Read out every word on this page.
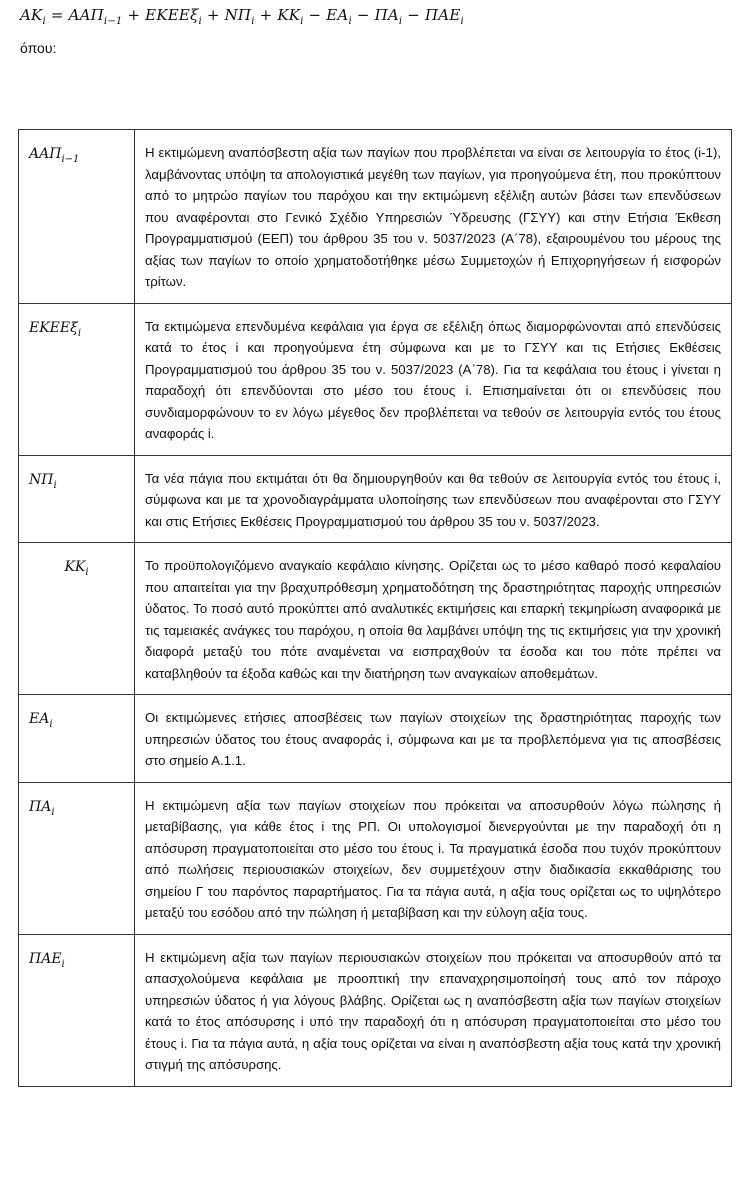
$AK_i = AA\Pi_{i-1} + EKEE\xi_i + N\Pi_i + KK_i - EA_i - \Pi A_i - \Pi AE_i$
όπου:
$AA\Pi_{i-1}$	Η εκτιμώμενη αναπόσβεστη αξία των παγίων που προβλέπεται να είναι σε λειτουργία το έτος (i-1), λαμβάνοντας υπόψη τα απολογιστικά μεγέθη των παγίων, για προηγούμενα έτη, που προκύπτουν από το μητρώο παγίων του παρόχου και την εκτιμώμενη εξέλιξη αυτών βάσει των επενδύσεων που αναφέρονται στο Γενικό Σχέδιο Υπηρεσιών Ύδρευσης (ΓΣΥΥ) και στην Ετήσια Έκθεση Προγραμματισμού (ΕΕΠ) του άρθρου 35 του ν. 5037/2023 (Α΄78), εξαιρουμένου του μέρους της αξίας των παγίων το οποίο χρηματοδοτήθηκε μέσω Συμμετοχών ή Επιχορηγήσεων ή εισφορών τρίτων.
ΕΚΕΕξ$_i$	Τα εκτιμώμενα επενδυμένα κεφάλαια για έργα σε εξέλιξη όπως διαμορφώνονται από επενδύσεις κατά το έτος i και προηγούμενα έτη σύμφωνα και με το ΓΣΥΥ και τις Ετήσιες Εκθέσεις Προγραμματισμού του άρθρου 35 του ν. 5037/2023 (Α΄78). Για τα κεφάλαια του έτους i γίνεται η παραδοχή ότι επενδύονται στο μέσο του έτους i. Επισημαίνεται ότι οι επενδύσεις που συνδιαμορφώνουν το εν λόγω μέγεθος δεν προβλέπεται να τεθούν σε λειτουργία εντός του έτους αναφοράς i.
$N\Pi_i$	Τα νέα πάγια που εκτιμάται ότι θα δημιουργηθούν και θα τεθούν σε λειτουργία εντός του έτους i, σύμφωνα και με τα χρονοδιαγράμματα υλοποίησης των επενδύσεων που αναφέρονται στο ΓΣΥΥ και στις Ετήσιες Εκθέσεις Προγραμματισμού του άρθρου 35 του ν. 5037/2023.
$KK_i$	Το προϋπολογιζόμενο αναγκαίο κεφάλαιο κίνησης. Ορίζεται ως το μέσο καθαρό ποσό κεφαλαίου που απαιτείται για την βραχυπρόθεσμη χρηματοδότηση της δραστηριότητας παροχής υπηρεσιών ύδατος. Το ποσό αυτό προκύπτει από αναλυτικές εκτιμήσεις και επαρκή τεκμηρίωση αναφορικά με τις ταμειακές ανάγκες του παρόχου, η οποία θα λαμβάνει υπόψη της τις εκτιμήσεις για την χρονική διαφορά μεταξύ του πότε αναμένεται να εισπραχθούν τα έσοδα και του πότε πρέπει να καταβληθούν τα έξοδα καθώς και την διατήρηση των αναγκαίων αποθεμάτων.
$EA_i$	Οι εκτιμώμενες ετήσιες αποσβέσεις των παγίων στοιχείων της δραστηριότητας παροχής των υπηρεσιών ύδατος του έτους αναφοράς i, σύμφωνα και με τα προβλεπόμενα για τις αποσβέσεις στο σημείο Α.1.1.
$\Pi A_i$	Η εκτιμώμενη αξία των παγίων στοιχείων που πρόκειται να αποσυρθούν λόγω πώλησης ή μεταβίβασης, για κάθε έτος i της ΡΠ. Οι υπολογισμοί διενεργούνται με την παραδοχή ότι η απόσυρση πραγματοποιείται στο μέσο του έτους i. Τα πραγματικά έσοδα που τυχόν προκύπτουν από πωλήσεις περιουσιακών στοιχείων, δεν συμμετέχουν στην διαδικασία εκκαθάρισης του σημείου Γ του παρόντος παραρτήματος. Για τα πάγια αυτά, η αξία τους ορίζεται ως το υψηλότερο μεταξύ του εσόδου από την πώληση ή μεταβίβαση και την εύλογη αξία τους.
$\Pi AE_i$	Η εκτιμώμενη αξία των παγίων περιουσιακών στοιχείων που πρόκειται να αποσυρθούν από τα απασχολούμενα κεφάλαια με προοπτική την επαναχρησιμοποίησή τους από τον πάροχο υπηρεσιών ύδατος ή για λόγους βλάβης. Ορίζεται ως η αναπόσβεστη αξία των παγίων στοιχείων κατά το έτος απόσυρσης i υπό την παραδοχή ότι η απόσυρση πραγματοποιείται στο μέσο του έτους i. Για τα πάγια αυτά, η αξία τους ορίζεται να είναι η αναπόσβεστη αξία τους κατά την χρονική στιγμή της απόσυρσης.
